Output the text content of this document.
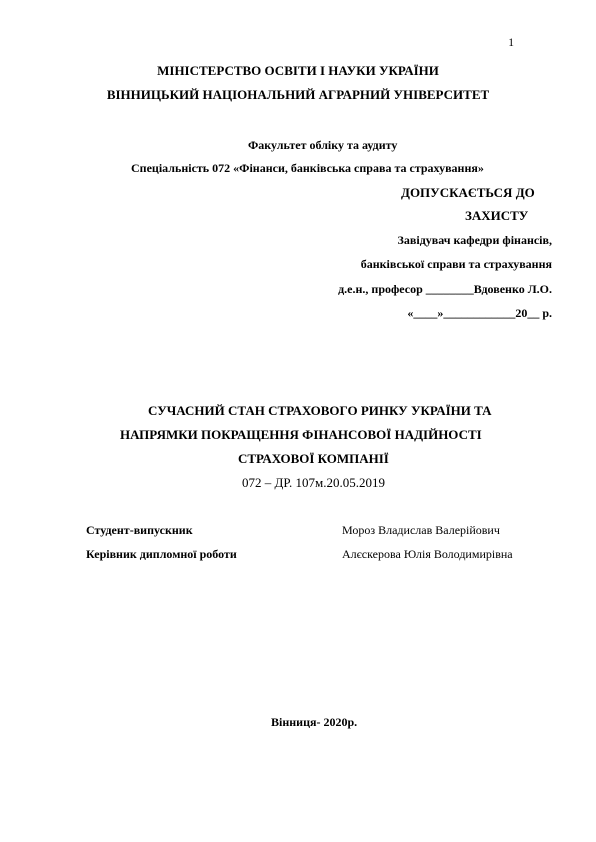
1
МІНІСТЕРСТВО ОСВІТИ І НАУКИ УКРАЇНИ
ВІННИЦЬКИЙ НАЦІОНАЛЬНИЙ АГРАРНИЙ УНІВЕРСИТЕТ
Факультет обліку та аудиту
Спеціальність 072 «Фінанси, банківська справа та страхування»
ДОПУСКАЄТЬСЯ ДО
ЗАХИСТУ
Завідувач кафедри фінансів,
банківської справи та страхування
д.е.н., професор ________Вдовенко Л.О.
«____»____________20__ р.
СУЧАСНИЙ СТАН СТРАХОВОГО РИНКУ УКРАЇНИ ТА
НАПРЯМКИ ПОКРАЩЕННЯ ФІНАНСОВОЇ НАДІЙНОСТІ
СТРАХОВОЇ КОМПАНІЇ
072 – ДР. 107м.20.05.2019
Студент-випускник	Мороз Владислав Валерійович
Керівник дипломної роботи	Алєскерова Юлія Володимирівна
Вінниця- 2020р.
